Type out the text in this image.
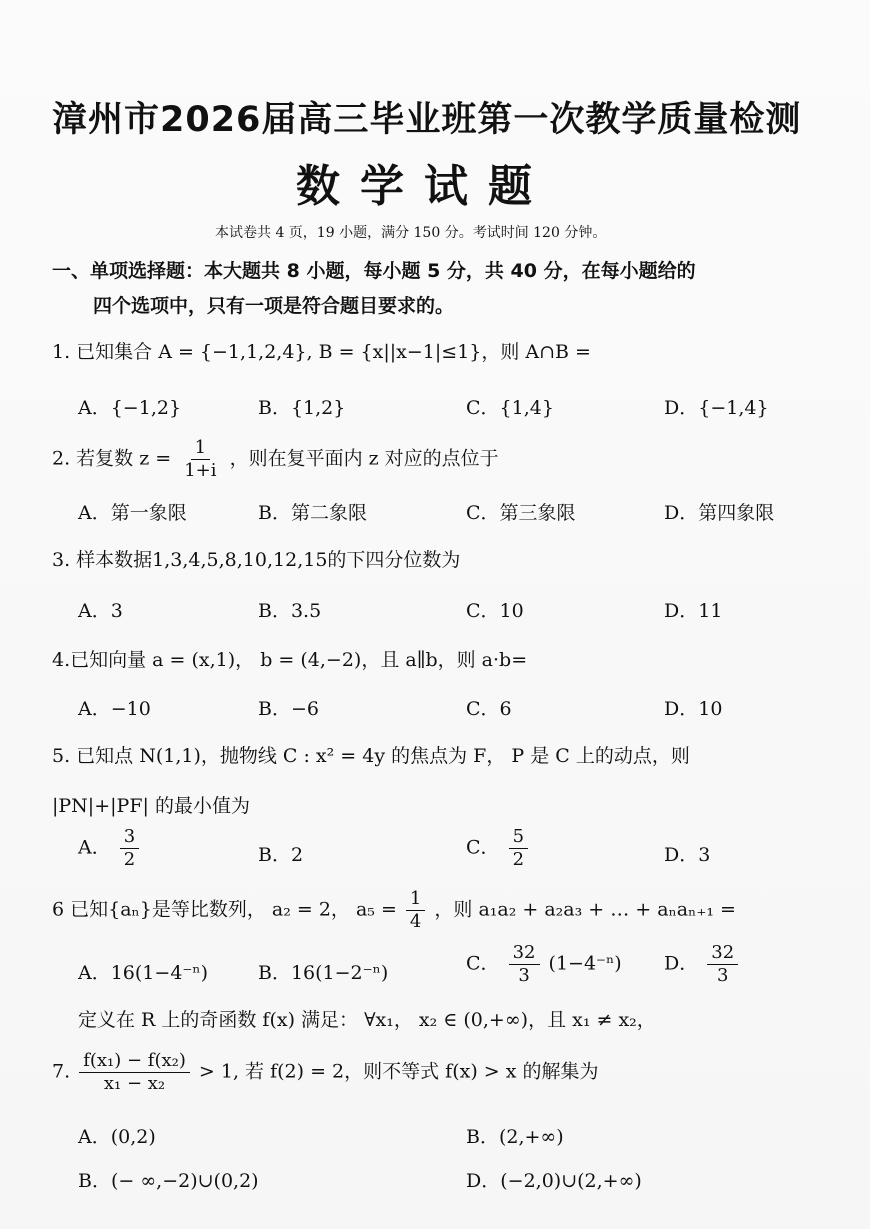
漳州市2026届高三毕业班第一次教学质量检测
数学试题
本试卷共 4 页，19 小题，满分 150 分。考试时间 120 分钟。
一、单项选择题：本大题共 8 小题，每小题 5 分，共 40 分，在每小题给的
四个选项中，只有一项是符合题目要求的。
1. 已知集合 A = {−1,1,2,4}, B = {x||x−1|≤1}，则 A∩B =
A．{−1,2}	B．{1,2}	C．{1,4}	D．{−1,4}
2. 若复数 $z = \frac{1}{1+i}$ ，则在复平面内 z 对应的点位于
A．第一象限	B．第二象限	C．第三象限	D．第四象限
3. 样本数据1,3,4,5,8,10,12,15的下四分位数为
A．3	B．3.5	C．10	D．11
4.已知向量 a = (x,1)， b = (4,−2)，且 a∥b，则 a·b=
A．−10	B．−6	C．6	D．10
5. 已知点 N(1,1)，抛物线 C : x² = 4y 的焦点为 F， P 是 C 上的动点，则
|PN|+|PF| 的最小值为
A． $\frac{3}{2}$	B．2	C． $\frac{5}{2}$	D．3
6 已知{aₙ}是等比数列， a₂ = 2， $a_5 = \frac{1}{4}$ ，则 a₁a₂ + a₂a₃ + … + aₙaₙ₊₁ =
A．16(1−4⁻ⁿ)	B．16(1−2⁻ⁿ)	C． $\frac{32}{3} (1-4^{-n})$ D． $\frac{32}{3}$
定义在 R 上的奇函数 f(x) 满足： ∀x₁， x₂ ∈ (0,+∞)，且 x₁ ≠ x₂，
7. $\frac{\text{f(x₁) − f(x₂)}}{\text{x₁ − x₂}} > 1$, 若 f(2) = 2，则不等式 f(x) > x 的解集为
A．(0,2)	B．(2,+∞)
B．(− ∞,−2)∪(0,2)	D．(−2,0)∪(2,+∞)
